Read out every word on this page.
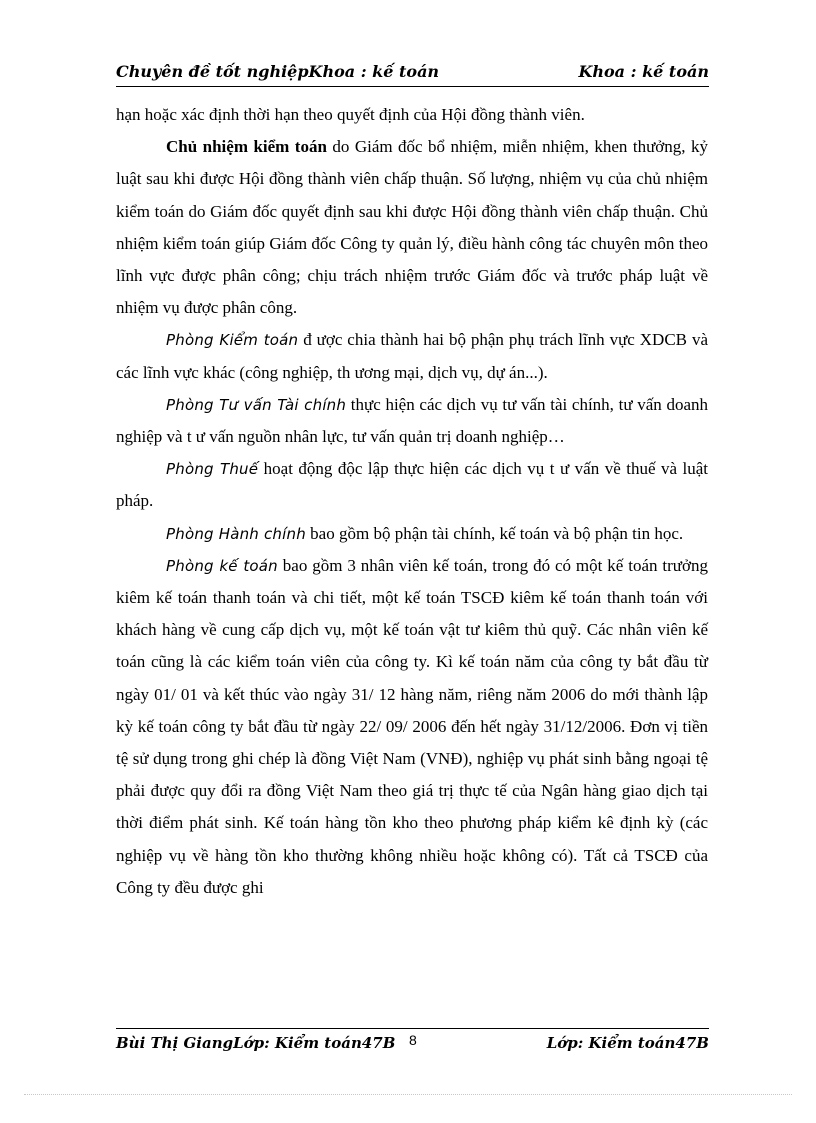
Chuyên đề tốt nghiệpKhoa : kế toán	Khoa : kế toán

hạn hoặc xác định thời hạn theo quyết định của Hội đồng thành viên.

Chủ nhiệm kiểm toán do Giám đốc bổ nhiệm, miễn nhiệm, khen thưởng, kỷ luật sau khi được Hội đồng thành viên chấp thuận. Số lượng, nhiệm vụ của chủ nhiệm kiểm toán do Giám đốc quyết định sau khi được Hội đồng thành viên chấp thuận. Chủ nhiệm kiểm toán giúp Giám đốc Công ty quản lý, điều hành công tác chuyên môn theo lĩnh vực được phân công; chịu trách nhiệm trước Giám đốc và trước pháp luật về nhiệm vụ được phân công.

Phòng Kiểm toán đ ược chia thành hai bộ phận phụ trách lĩnh vực XDCB và các lĩnh vực khác (công nghiệp, th ương mại, dịch vụ, dự án...).

Phòng Tư vấn Tài chính thực hiện các dịch vụ tư vấn tài chính, tư vấn doanh nghiệp và t ư vấn nguồn nhân lực, tư vấn quản trị doanh nghiệp…

Phòng Thuế hoạt động độc lập thực hiện các dịch vụ t ư vấn về thuế và luật pháp.

Phòng Hành chính bao gồm bộ phận tài chính, kế toán và bộ phận tin học.

Phòng kế toán bao gồm 3 nhân viên kế toán, trong đó có một kế toán trưởng kiêm kế toán thanh toán và chi tiết, một kế toán TSCĐ kiêm kế toán thanh toán với khách hàng về cung cấp dịch vụ, một kế toán vật tư kiêm thủ quỹ. Các nhân viên kế toán cũng là các kiểm toán viên của công ty. Kì kế toán năm của công ty bắt đầu từ ngày 01/ 01 và kết thúc vào ngày 31/ 12 hàng năm, riêng năm 2006 do mới thành lập kỳ kế toán công ty bắt đầu từ ngày 22/ 09/ 2006 đến hết ngày 31/12/2006. Đơn vị tiền tệ sử dụng trong ghi chép là đồng Việt Nam (VNĐ), nghiệp vụ phát sinh bằng ngoại tệ phải được quy đổi ra đồng Việt Nam theo giá trị thực tế của Ngân hàng giao dịch tại thời điểm phát sinh. Kế toán hàng tồn kho theo phương pháp kiểm kê định kỳ (các nghiệp vụ về hàng tồn kho thường không nhiều hoặc không có). Tất cả TSCĐ của Công ty đều được ghi

Bùi Thị GiangLớp: Kiểm toán47B 8	Lớp: Kiểm toán47B
